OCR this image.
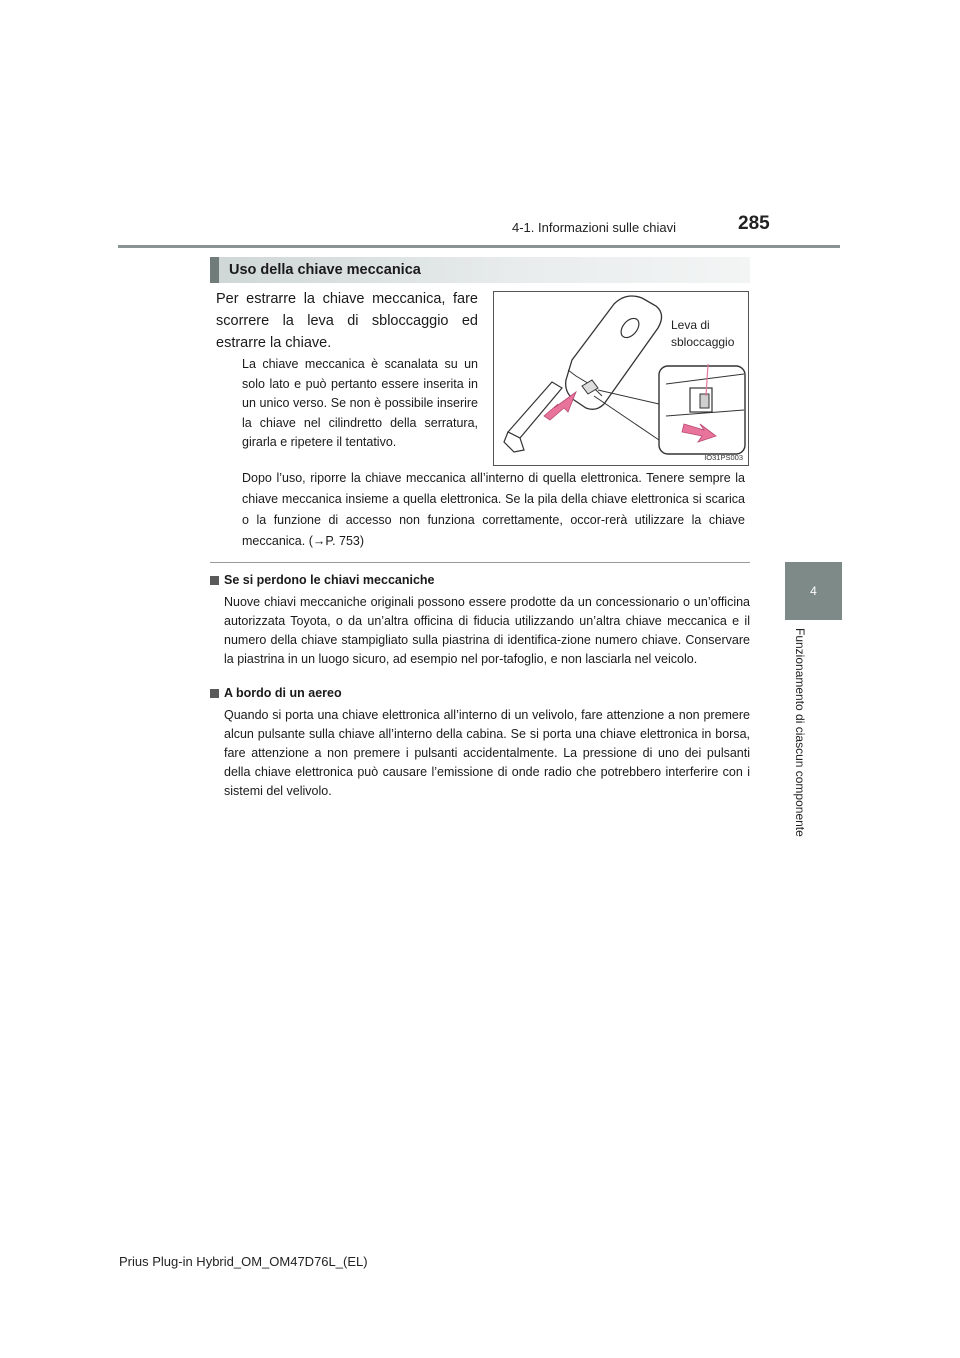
4-1. Informazioni sulle chiavi	285
4
Funzionamento di ciascun componente
Uso della chiave meccanica
Per estrarre la chiave meccanica, fare scorrere la leva di sbloccaggio ed estrarre la chiave.
La chiave meccanica è scanalata su un solo lato e può pertanto essere inserita in un unico verso. Se non è possibile inserire la chiave nel cilindretto della serratura, girarla e ripetere il tentativo.
Leva di
sbloccaggio
IO31PS003
Dopo l’uso, riporre la chiave meccanica all’interno di quella elettronica. Tenere sempre la chiave meccanica insieme a quella elettronica. Se la pila della chiave elettronica si scarica o la funzione di accesso non funziona correttamente, occor-rerà utilizzare la chiave meccanica. (→P. 753)
Se si perdono le chiavi meccaniche
Nuove chiavi meccaniche originali possono essere prodotte da un concessionario o un’officina autorizzata Toyota, o da un’altra officina di fiducia utilizzando un’altra chiave meccanica e il numero della chiave stampigliato sulla piastrina di identifica-zione numero chiave. Conservare la piastrina in un luogo sicuro, ad esempio nel por-tafoglio, e non lasciarla nel veicolo.
A bordo di un aereo
Quando si porta una chiave elettronica all’interno di un velivolo, fare attenzione a non premere alcun pulsante sulla chiave all’interno della cabina. Se si porta una chiave elettronica in borsa, fare attenzione a non premere i pulsanti accidentalmente. La pressione di uno dei pulsanti della chiave elettronica può causare l’emissione di onde radio che potrebbero interferire con i sistemi del velivolo.
Prius Plug-in Hybrid_OM_OM47D76L_(EL)
